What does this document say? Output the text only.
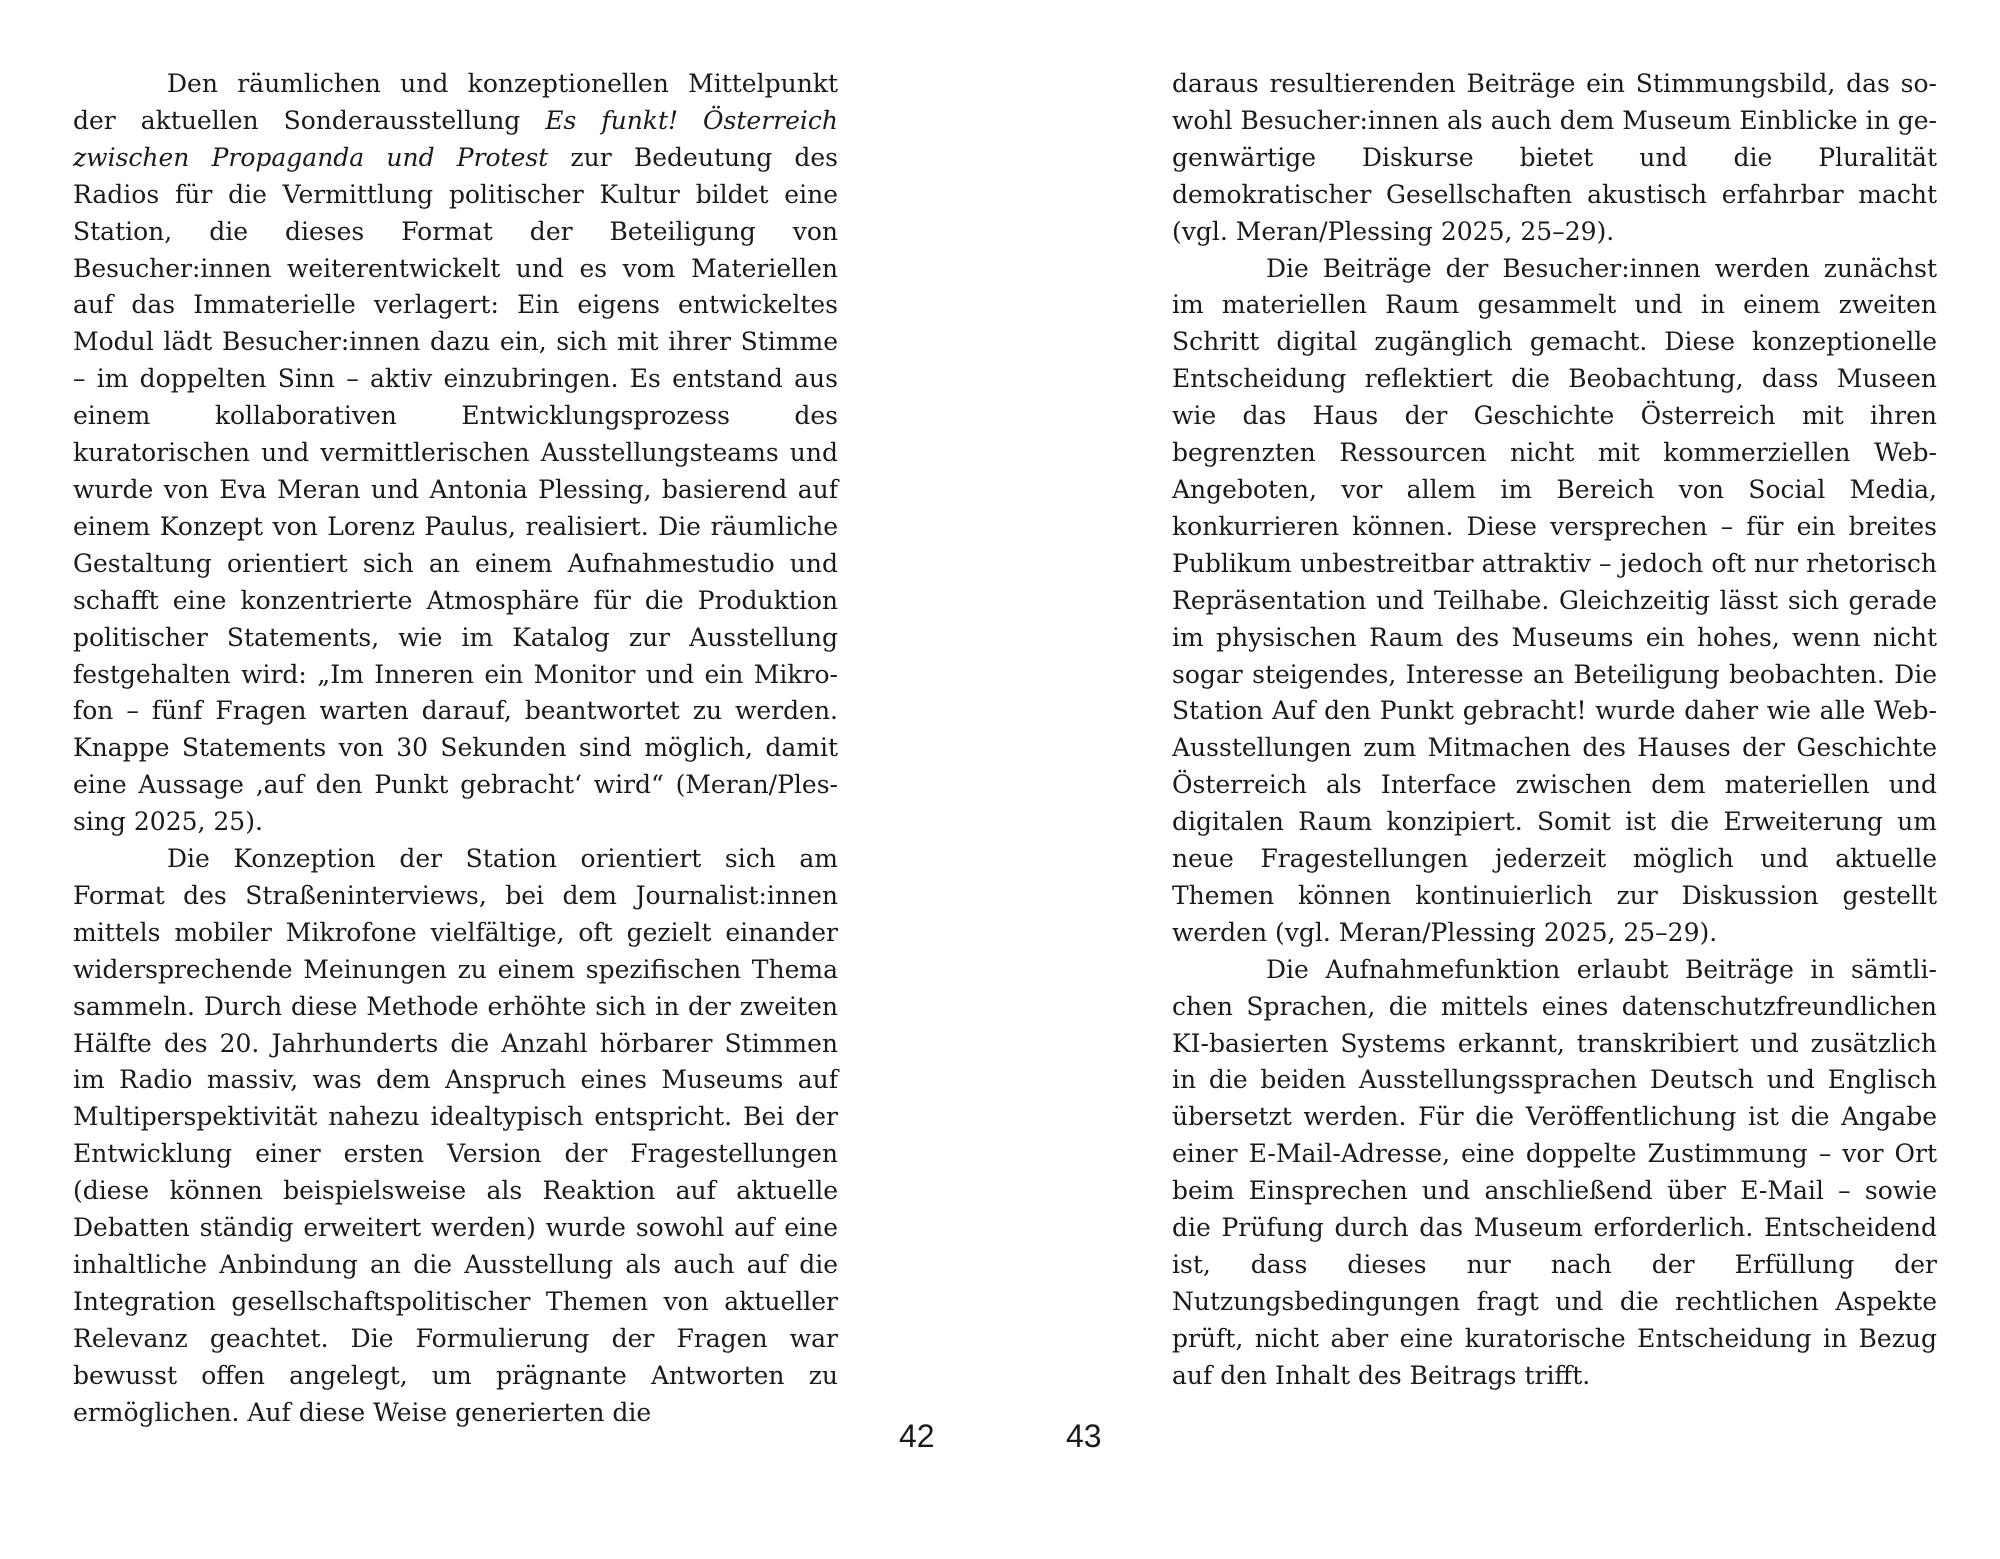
Den räumlichen und konzeptionellen Mittelpunkt der aktuellen Sonderausstellung Es funkt! Österreich zwischen Propaganda und Protest zur Bedeutung des Radios für die Vermittlung politischer Kultur bildet eine Station, die dieses Format der Beteiligung von Besucher:innen weiterentwickelt und es vom Materiellen auf das Immaterielle verlagert: Ein eigens entwickeltes Modul lädt Besucher:innen dazu ein, sich mit ihrer Stimme – im doppelten Sinn – aktiv einzubringen. Es entstand aus einem kollaborativen Entwicklungsprozess des kuratorischen und vermittlerischen Ausstellungsteams und wurde von Eva Meran und Antonia Plessing, basierend auf einem Konzept von Lorenz Paulus, realisiert. Die räumliche Gestaltung orientiert sich an einem Aufnahmestudio und schafft eine konzentrierte Atmosphäre für die Produktion politischer Statements, wie im Katalog zur Ausstellung festgehalten wird: „Im Inneren ein Monitor und ein Mikrofon – fünf Fragen warten darauf, beantwortet zu werden. Knappe Statements von 30 Sekunden sind möglich, damit eine Aussage ‚auf den Punkt gebracht‘ wird“ (Meran/Plessing 2025, 25).

Die Konzeption der Station orientiert sich am Format des Straßeninterviews, bei dem Journalist:innen mittels mobiler Mikrofone vielfältige, oft gezielt einander widersprechende Meinungen zu einem spezifischen Thema sammeln. Durch diese Methode erhöhte sich in der zweiten Hälfte des 20. Jahrhunderts die Anzahl hörbarer Stimmen im Radio massiv, was dem Anspruch eines Museums auf Multiperspektivität nahezu idealtypisch entspricht. Bei der Entwicklung einer ersten Version der Fragestellungen (diese können beispielsweise als Reaktion auf aktuelle Debatten ständig erweitert werden) wurde sowohl auf eine inhaltliche Anbindung an die Ausstellung als auch auf die Integration gesellschaftspolitischer Themen von aktueller Relevanz geachtet. Die Formulierung der Fragen war bewusst offen angelegt, um prägnante Antworten zu ermöglichen. Auf diese Weise generierten die

daraus resultierenden Beiträge ein Stimmungsbild, das sowohl Besucher:innen als auch dem Museum Einblicke in gegenwärtige Diskurse bietet und die Pluralität demokratischer Gesellschaften akustisch erfahrbar macht (vgl. Meran/Plessing 2025, 25–29).

Die Beiträge der Besucher:innen werden zunächst im materiellen Raum gesammelt und in einem zweiten Schritt digital zugänglich gemacht. Diese konzeptionelle Entscheidung reflektiert die Beobachtung, dass Museen wie das Haus der Geschichte Österreich mit ihren begrenzten Ressourcen nicht mit kommerziellen Web-Angeboten, vor allem im Bereich von Social Media, konkurrieren können. Diese versprechen – für ein breites Publikum unbestreitbar attraktiv – jedoch oft nur rhetorisch Repräsentation und Teilhabe. Gleichzeitig lässt sich gerade im physischen Raum des Museums ein hohes, wenn nicht sogar steigendes, Interesse an Beteiligung beobachten. Die Station Auf den Punkt gebracht! wurde daher wie alle Web-Ausstellungen zum Mitmachen des Hauses der Geschichte Österreich als Interface zwischen dem materiellen und digitalen Raum konzipiert. Somit ist die Erweiterung um neue Fragestellungen jederzeit möglich und aktuelle Themen können kontinuierlich zur Diskussion gestellt werden (vgl. Meran/Plessing 2025, 25–29).

Die Aufnahmefunktion erlaubt Beiträge in sämtlichen Sprachen, die mittels eines datenschutzfreundlichen KI-basierten Systems erkannt, transkribiert und zusätzlich in die beiden Ausstellungssprachen Deutsch und Englisch übersetzt werden. Für die Veröffentlichung ist die Angabe einer E-Mail-Adresse, eine doppelte Zustimmung – vor Ort beim Einsprechen und anschließend über E-Mail – sowie die Prüfung durch das Museum erforderlich. Entscheidend ist, dass dieses nur nach der Erfüllung der Nutzungsbedingungen fragt und die rechtlichen Aspekte prüft, nicht aber eine kuratorische Entscheidung in Bezug auf den Inhalt des Beitrags trifft.

42	43
